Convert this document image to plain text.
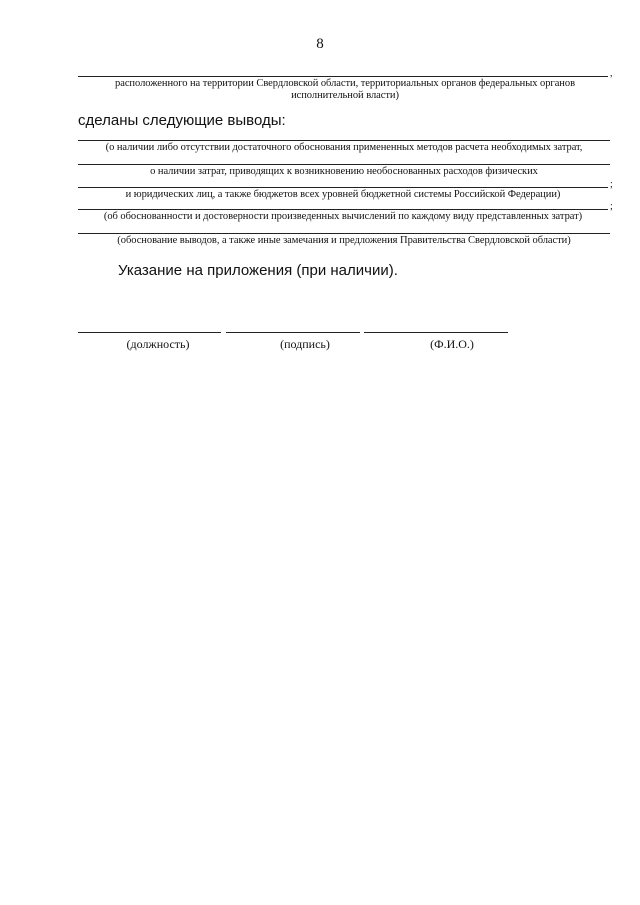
8
,
расположенного на территории Свердловской области, территориальных органов федеральных органов исполнительной власти)
сделаны следующие выводы:
(о наличии либо отсутствии достаточного обоснования примененных методов расчета необходимых затрат,
о наличии затрат, приводящих к возникновению необоснованных расходов физических
;
и юридических лиц, а также бюджетов всех уровней бюджетной системы Российской Федерации)
;
(об обоснованности и достоверности произведенных вычислений по каждому виду представленных затрат)
(обоснование выводов, а также иные замечания и предложения Правительства Свердловской области)
Указание на приложения (при наличии).
(должность)	(подпись)	(Ф.И.О.)
